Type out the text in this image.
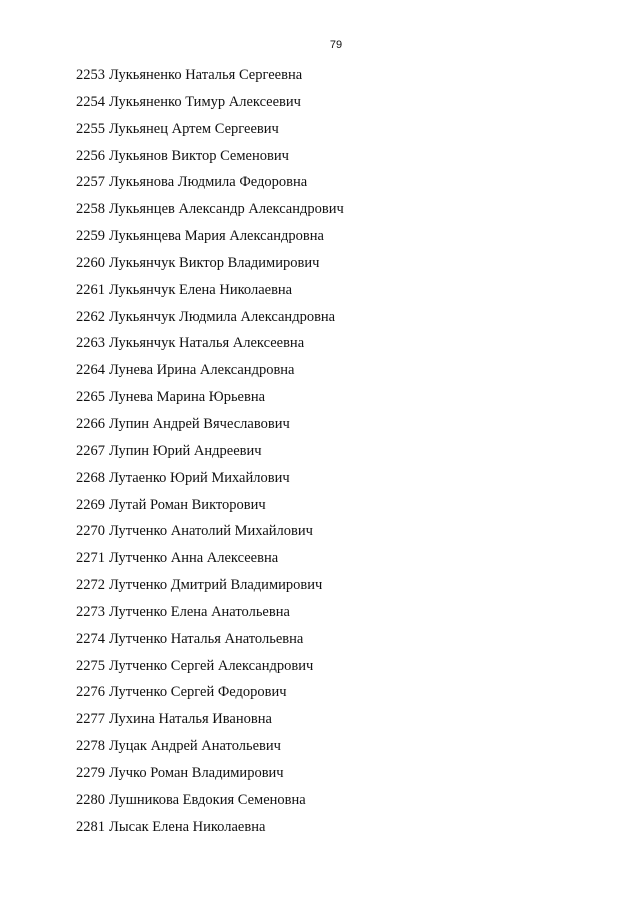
79
2253 Лукьяненко Наталья Сергеевна
2254 Лукьяненко Тимур Алексеевич
2255 Лукьянец Артем Сергеевич
2256 Лукьянов Виктор Семенович
2257 Лукьянова Людмила Федоровна
2258 Лукьянцев Александр Александрович
2259 Лукьянцева Мария Александровна
2260 Лукьянчук Виктор Владимирович
2261 Лукьянчук Елена Николаевна
2262 Лукьянчук Людмила Александровна
2263 Лукьянчук Наталья Алексеевна
2264 Лунева Ирина Александровна
2265 Лунева Марина Юрьевна
2266 Лупин Андрей Вячеславович
2267 Лупин Юрий Андреевич
2268 Лутаенко Юрий Михайлович
2269 Лутай Роман Викторович
2270 Лутченко Анатолий Михайлович
2271 Лутченко Анна Алексеевна
2272 Лутченко Дмитрий Владимирович
2273 Лутченко Елена Анатольевна
2274 Лутченко Наталья Анатольевна
2275 Лутченко Сергей Александрович
2276 Лутченко Сергей Федорович
2277 Лухина Наталья Ивановна
2278 Луцак Андрей Анатольевич
2279 Лучко Роман Владимирович
2280 Лушникова Евдокия Семеновна
2281 Лысак Елена Николаевна
